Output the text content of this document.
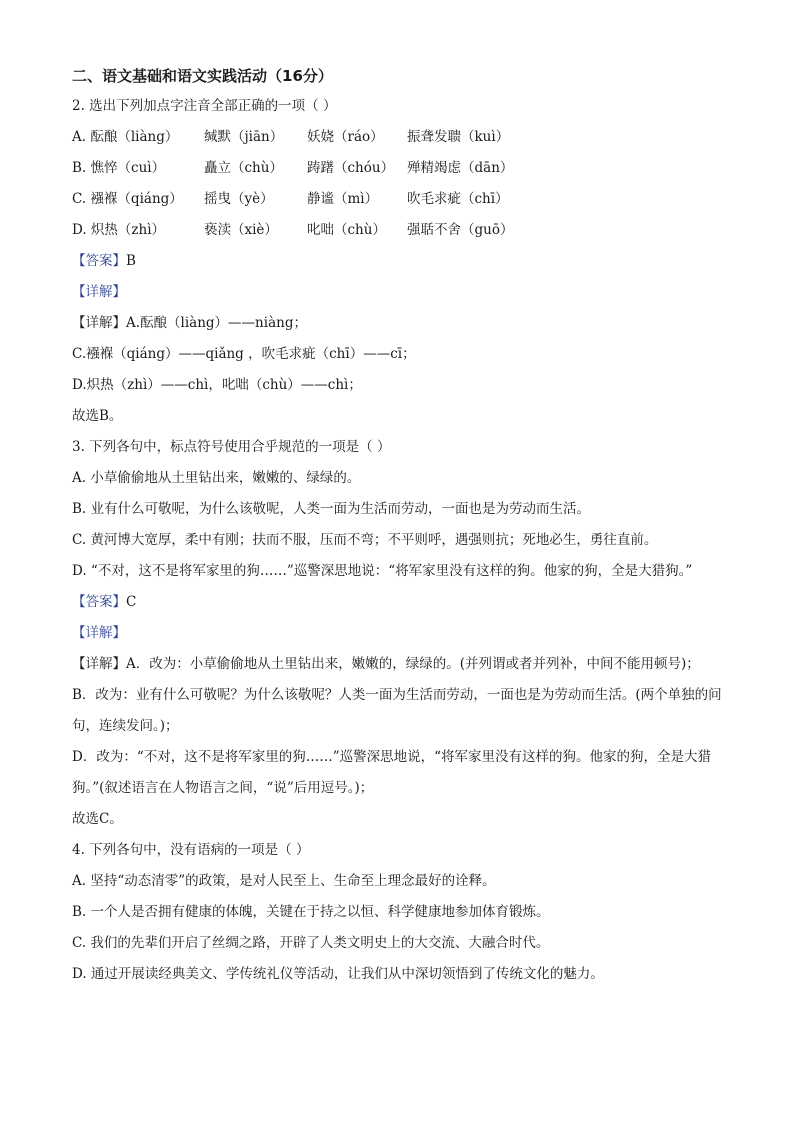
二、语文基础和语文实践活动（16分）
2. 选出下列加点字注音全部正确的一项（ ）
A. 酝酿（liàng）	缄默（jiān）	妖娆（ráo）	振聋发聩（kuì）
B. 憔悴（cuì）	矗立（chù）	踌躇（chóu） 殚精竭虑（dān）
C. 襁褓（qiáng）	摇曳（yè）	静谧（mì）	吹毛求疵（chī）
D. 炽热（zhì）	亵渎（xiè）	叱咄（chù）	强聒不舍（guō）
【答案】B
【详解】
【详解】A.酝酿（liàng）——niàng；
C.襁褓（qiáng）——qiǎng ，吹毛求疵（chī）——cī；
D.炽热（zhì）——chì，叱咄（chù）——chì；
故选B。
3. 下列各句中，标点符号使用合乎规范的一项是（ ）
A. 小草偷偷地从土里钻出来，嫩嫩的、绿绿的。
B. 业有什么可敬呢，为什么该敬呢，人类一面为生活而劳动，一面也是为劳动而生活。
C. 黄河博大宽厚，柔中有刚；扶而不服，压而不弯；不平则呼，遇强则抗；死地必生，勇往直前。
D. “不对，这不是将军家里的狗……”巡警深思地说：“将军家里没有这样的狗。他家的狗，全是大猎狗。”
【答案】C
【详解】
【详解】A．改为：小草偷偷地从土里钻出来，嫩嫩的，绿绿的。(并列谓或者并列补，中间不能用顿号)；
B．改为：业有什么可敬呢？为什么该敬呢？人类一面为生活而劳动，一面也是为劳动而生活。(两个单独的问句，连续发问。)；
D．改为：“不对，这不是将军家里的狗……”巡警深思地说，“将军家里没有这样的狗。他家的狗，全是大猎狗。”(叙述语言在人物语言之间，“说”后用逗号。)；
故选C。
4. 下列各句中，没有语病的一项是（ ）
A. 坚持“动态清零”的政策，是对人民至上、生命至上理念最好的诠释。
B. 一个人是否拥有健康的体魄，关键在于持之以恒、科学健康地参加体育锻炼。
C. 我们的先辈们开启了丝绸之路，开辟了人类文明史上的大交流、大融合时代。
D. 通过开展读经典美文、学传统礼仪等活动，让我们从中深切领悟到了传统文化的魅力。
